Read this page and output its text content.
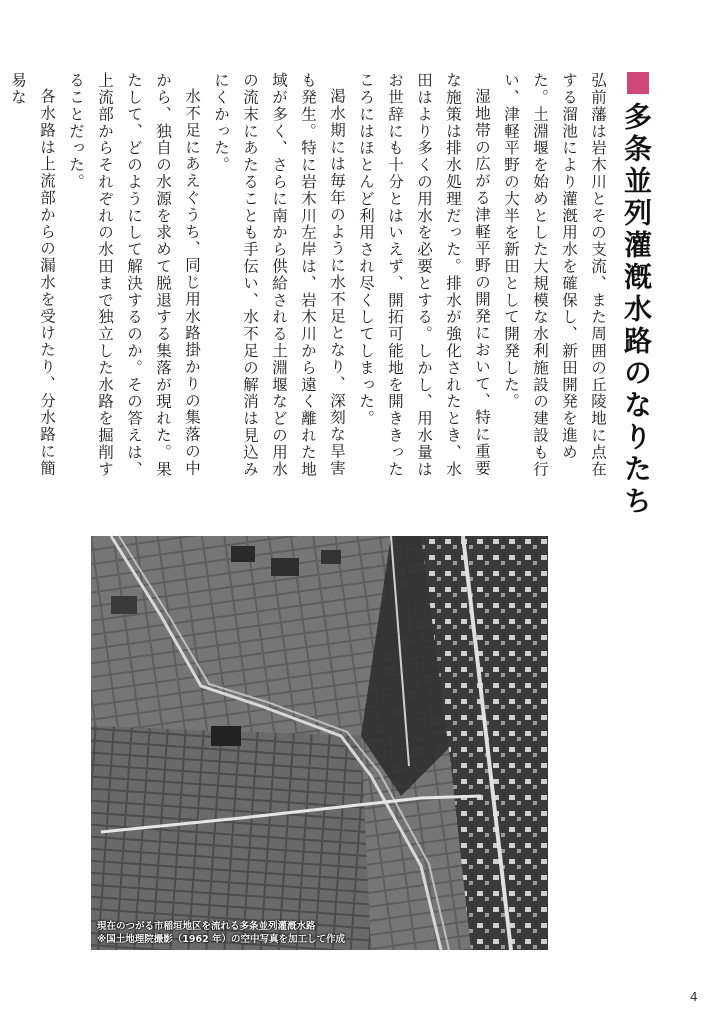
多条並列灌漑水路のなりたち

弘前藩は岩木川とその支流、また周囲の丘陵地に点在する溜池により灌漑用水を確保し、新田開発を進めた。土淵堰を始めとした大規模な水利施設の建設も行い、津軽平野の大半を新田として開発した。

湿地帯の広がる津軽平野の開発において、特に重要な施策は排水処理だった。排水が強化されたとき、水田はより多くの用水を必要とする。しかし、用水量はお世辞にも十分とはいえず、開拓可能地を開ききったころにはほとんど利用され尽くしてしまった。

渇水期には毎年のように水不足となり、深刻な旱害も発生。特に岩木川左岸は、岩木川から遠く離れた地域が多く、さらに南から供給される土淵堰などの用水の流末にあたることも手伝い、水不足の解消は見込みにくかった。

水不足にあえぐうち、同じ用水路掛かりの集落の中から、独自の水源を求めて脱退する集落が現れた。果たして、どのようにして解決するのか。その答えは、上流部からそれぞれの水田まで独立した水路を掘削することだった。

各水路は上流部からの漏水を受けたり、分水路に簡易な

現在のつがる市稲垣地区を流れる多条並列灌漑水路
※国土地理院撮影（1962 年）の空中写真を加工して作成
4
